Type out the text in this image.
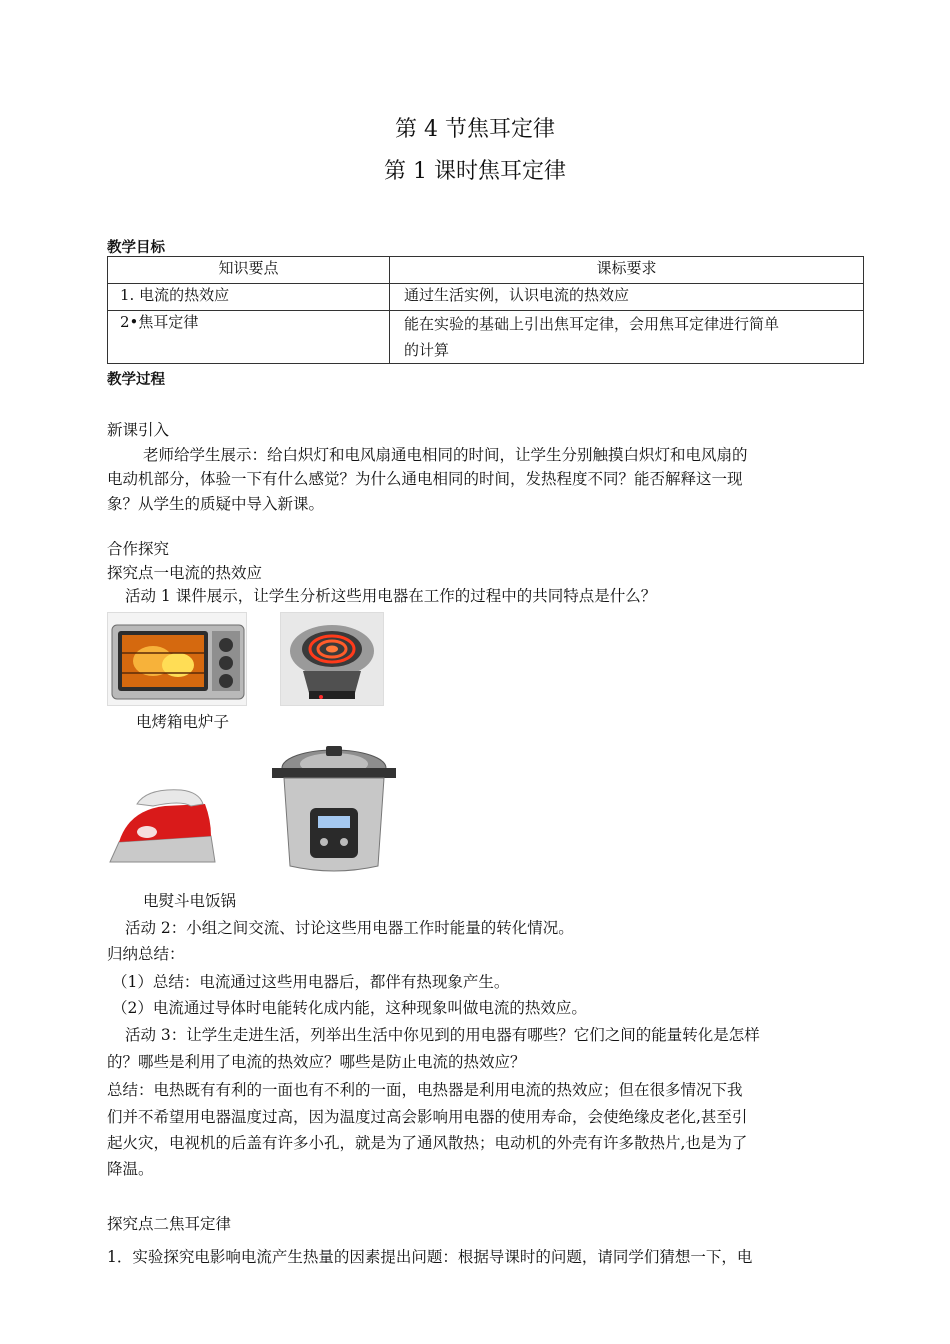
第 4 节焦耳定律
第 1 课时焦耳定律
教学目标
知识要点	课标要求
1. 电流的热效应	通过生活实例，认识电流的热效应
2•焦耳定律	能在实验的基础上引出焦耳定律，会用焦耳定律进行简单
的计算
教学过程
新课引入
老师给学生展示：给白炽灯和电风扇通电相同的时间，让学生分别触摸白炽灯和电风扇的
电动机部分，体验一下有什么感觉？为什么通电相同的时间，发热程度不同？能否解释这一现
象？从学生的质疑中导入新课。
合作探究
探究点一电流的热效应
活动 1 课件展示，让学生分析这些用电器在工作的过程中的共同特点是什么？
电烤箱电炉子
电熨斗电饭锅
活动 2：小组之间交流、讨论这些用电器工作时能量的转化情况。
归纳总结：
（1）总结：电流通过这些用电器后，都伴有热现象产生。
（2）电流通过导体时电能转化成内能，这种现象叫做电流的热效应。
活动 3：让学生走进生活，列举出生活中你见到的用电器有哪些？它们之间的能量转化是怎样
的？哪些是利用了电流的热效应？哪些是防止电流的热效应？
总结：电热既有有利的一面也有不利的一面，电热器是利用电流的热效应；但在很多情况下我
们并不希望用电器温度过高，因为温度过高会影响用电器的使用寿命，会使绝缘皮老化,甚至引
起火灾，电视机的后盖有许多小孔，就是为了通风散热；电动机的外壳有许多散热片,也是为了
降温。
探究点二焦耳定律
1．实验探究电影响电流产生热量的因素提出问题：根据导课时的问题，请同学们猜想一下，电
